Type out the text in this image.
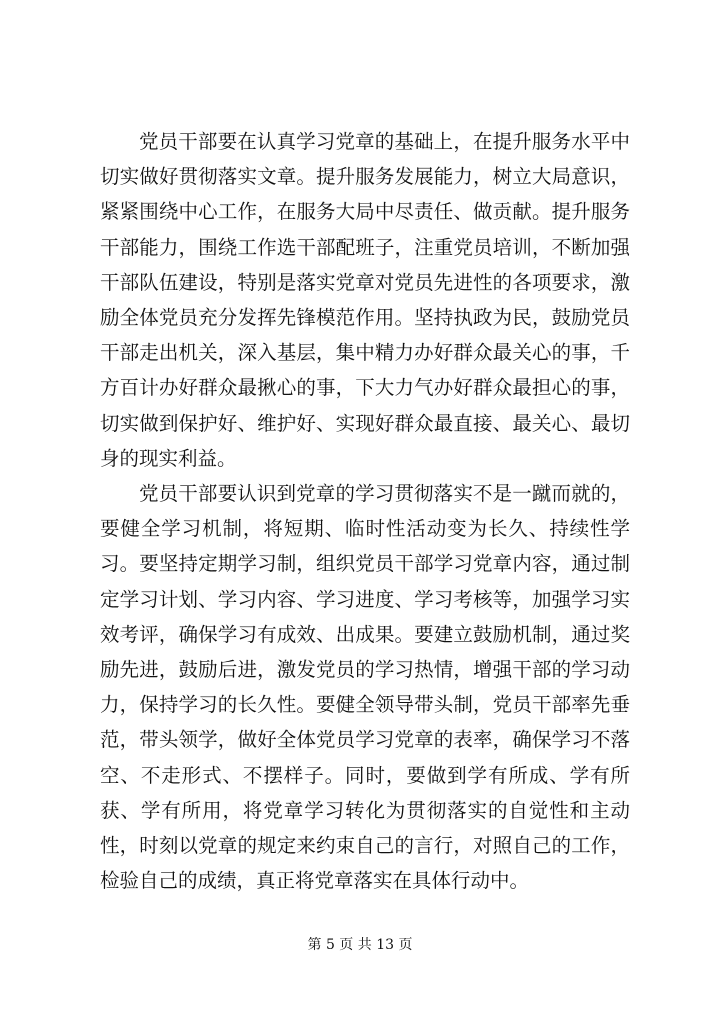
党员干部要在认真学习党章的基础上，在提升服务水平中切实做好贯彻落实文章。提升服务发展能力，树立大局意识，紧紧围绕中心工作，在服务大局中尽责任、做贡献。提升服务干部能力，围绕工作选干部配班子，注重党员培训，不断加强干部队伍建设，特别是落实党章对党员先进性的各项要求，激励全体党员充分发挥先锋模范作用。坚持执政为民，鼓励党员干部走出机关，深入基层，集中精力办好群众最关心的事，千方百计办好群众最揪心的事，下大力气办好群众最担心的事，切实做到保护好、维护好、实现好群众最直接、最关心、最切身的现实利益。

党员干部要认识到党章的学习贯彻落实不是一蹴而就的，要健全学习机制，将短期、临时性活动变为长久、持续性学习。要坚持定期学习制，组织党员干部学习党章内容，通过制定学习计划、学习内容、学习进度、学习考核等，加强学习实效考评，确保学习有成效、出成果。要建立鼓励机制，通过奖励先进，鼓励后进，激发党员的学习热情，增强干部的学习动力，保持学习的长久性。要健全领导带头制，党员干部率先垂范，带头领学，做好全体党员学习党章的表率，确保学习不落空、不走形式、不摆样子。同时，要做到学有所成、学有所获、学有所用，将党章学习转化为贯彻落实的自觉性和主动性，时刻以党章的规定来约束自己的言行，对照自己的工作，检验自己的成绩，真正将党章落实在具体行动中。

第 5 页 共 13 页
